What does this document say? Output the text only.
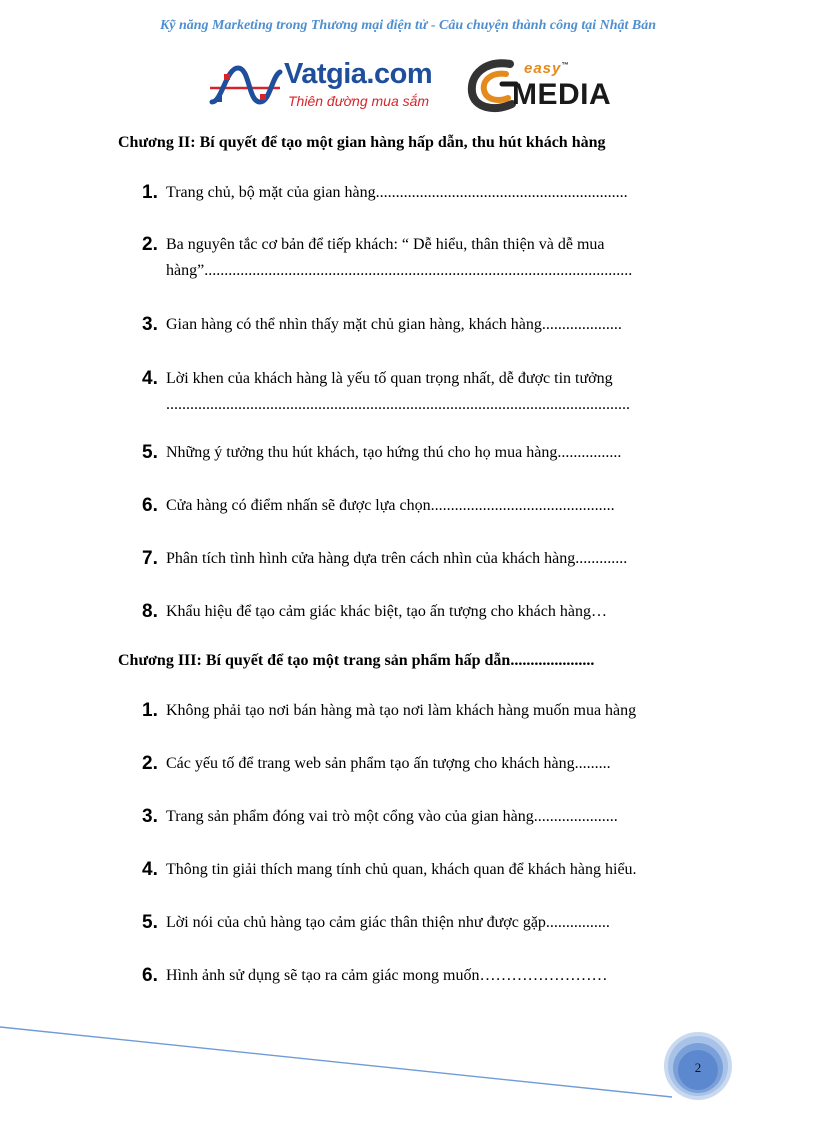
Kỹ năng Marketing trong Thương mại điện tử - Câu chuyện thành công tại Nhật Bản
Vatgia.com
Thiên đường mua sắm
easy™
MEDIA
Chương II: Bí quyết để tạo một gian hàng hấp dẫn, thu hút khách hàng
1. Trang chủ, bộ mặt của gian hàng...............................................................
2. Ba nguyên tắc cơ bản để tiếp khách: “ Dễ hiểu, thân thiện và dễ mua hàng”...........................................................................................................
3. Gian hàng có thể nhìn thấy mặt chủ gian hàng, khách hàng....................
4. Lời khen của khách hàng là yếu tố quan trọng nhất, dễ được tin tưởng ....................................................................................................................
5. Những ý tưởng thu hút khách, tạo hứng thú cho họ mua hàng................
6. Cửa hàng có điểm nhấn sẽ được lựa chọn..............................................
7. Phân tích tình hình cửa hàng dựa trên cách nhìn của khách hàng.............
8. Khẩu hiệu để tạo cảm giác khác biệt, tạo ấn tượng cho khách hàng…
Chương III: Bí quyết để tạo một trang sản phẩm hấp dẫn.....................
1. Không phải tạo nơi bán hàng mà tạo nơi làm khách hàng muốn mua hàng
2. Các yếu tố để trang web sản phẩm tạo ấn tượng cho khách hàng.........
3. Trang sản phẩm đóng vai trò một cổng vào của gian hàng.....................
4. Thông tin giải thích mang tính chủ quan, khách quan để khách hàng hiểu.
5. Lời nói của chủ hàng tạo cảm giác thân thiện như được gặp................
6. Hình ảnh sử dụng sẽ tạo ra cảm giác mong muốn……………………
2
